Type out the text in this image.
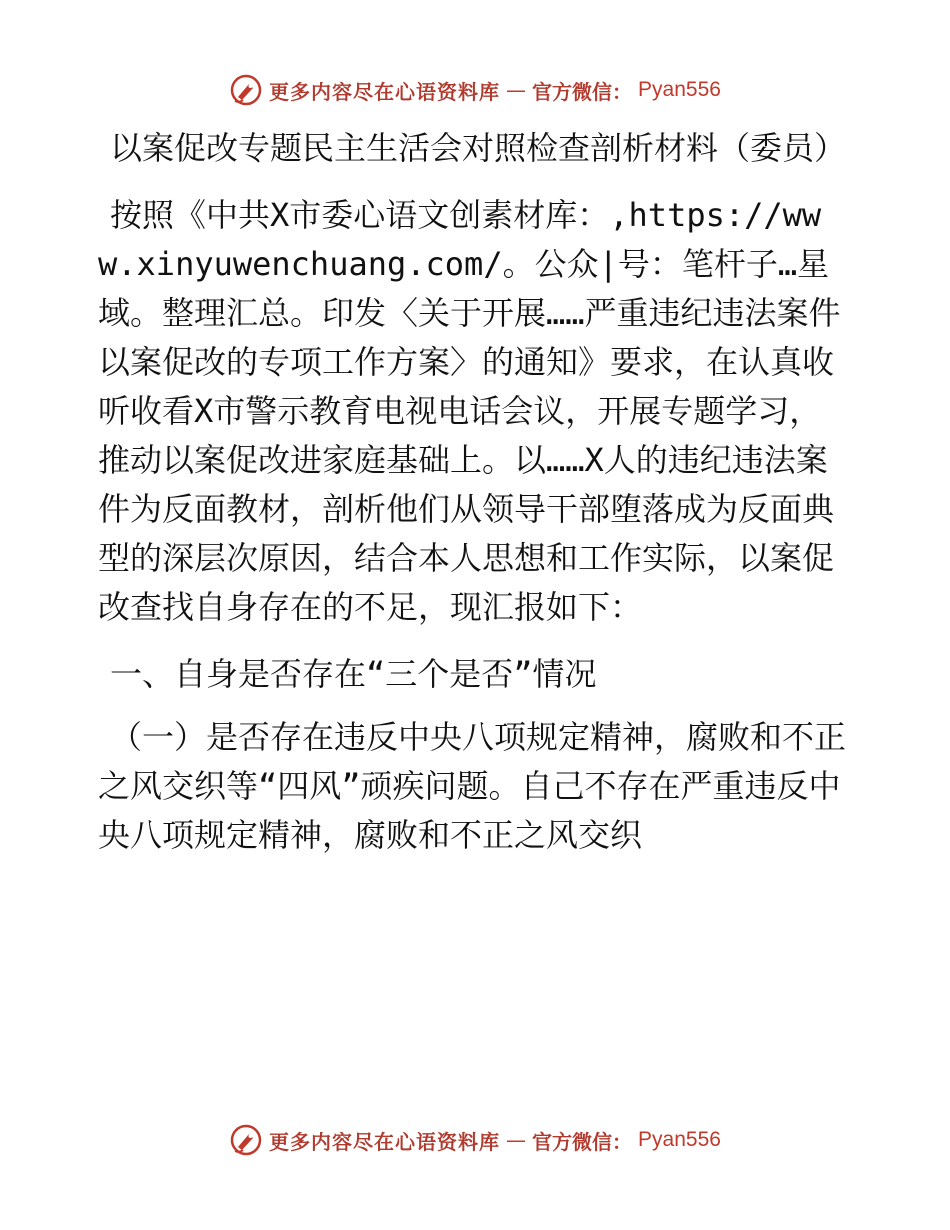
更多内容尽在心语资料库 — 官方微信： Pyan556

以案促改专题民主生活会对照检查剖析材料（委员）

按照《中共X市委心语文创素材库：,https://www.xinyuwenchuang.com/。公众|号：笔杆子…星域。整理汇总。印发〈关于开展……严重违纪违法案件以案促改的专项工作方案〉的通知》要求，在认真收听收看X市警示教育电视电话会议，开展专题学习，推动以案促改进家庭基础上。以……X人的违纪违法案件为反面教材，剖析他们从领导干部堕落成为反面典型的深层次原因，结合本人思想和工作实际，以案促改查找自身存在的不足，现汇报如下：

一、自身是否存在“三个是否”情况

（一）是否存在违反中央八项规定精神，腐败和不正之风交织等“四风”顽疾问题。自己不存在严重违反中央八项规定精神，腐败和不正之风交织

更多内容尽在心语资料库 — 官方微信： Pyan556
